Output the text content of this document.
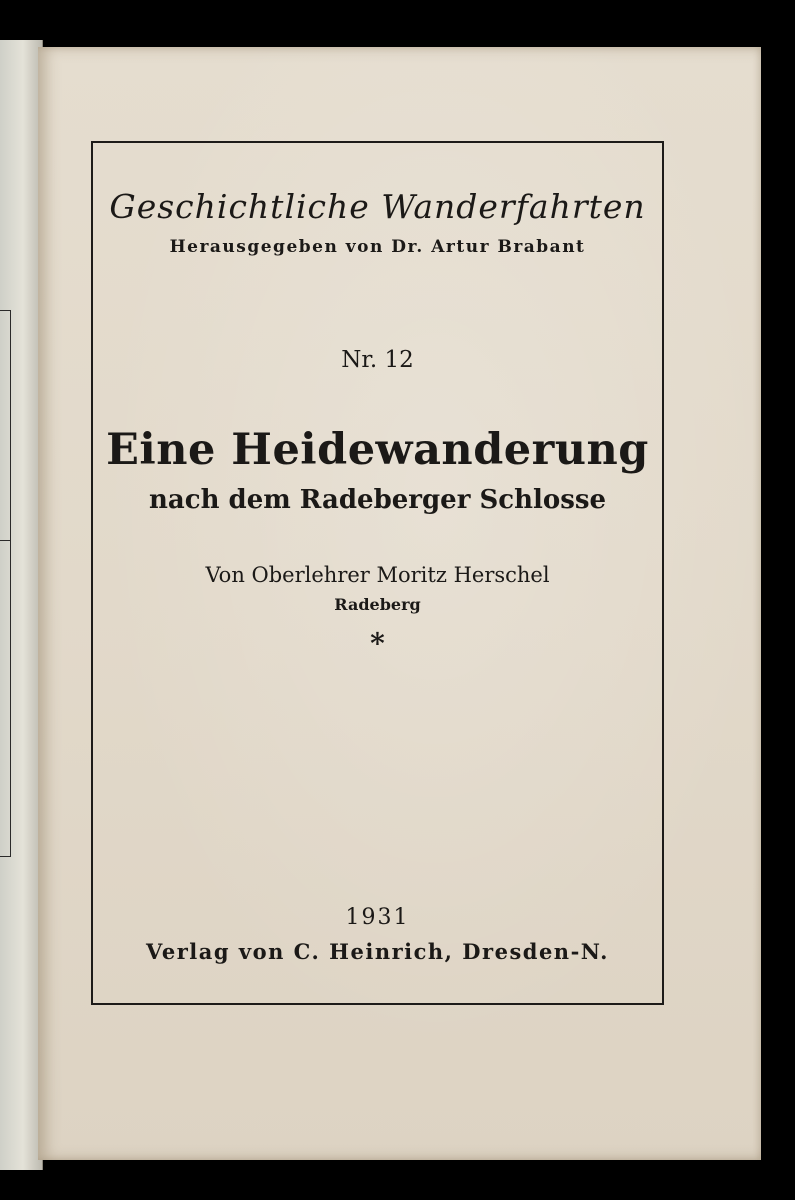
Geschichtliche Wanderfahrten
Herausgegeben von Dr. Artur Brabant
Nr. 12
Eine Heidewanderung
nach dem Radeberger Schlosse
Von Oberlehrer Moritz Herschel
Radeberg
*
1931
Verlag von C. Heinrich, Dresden-N.
